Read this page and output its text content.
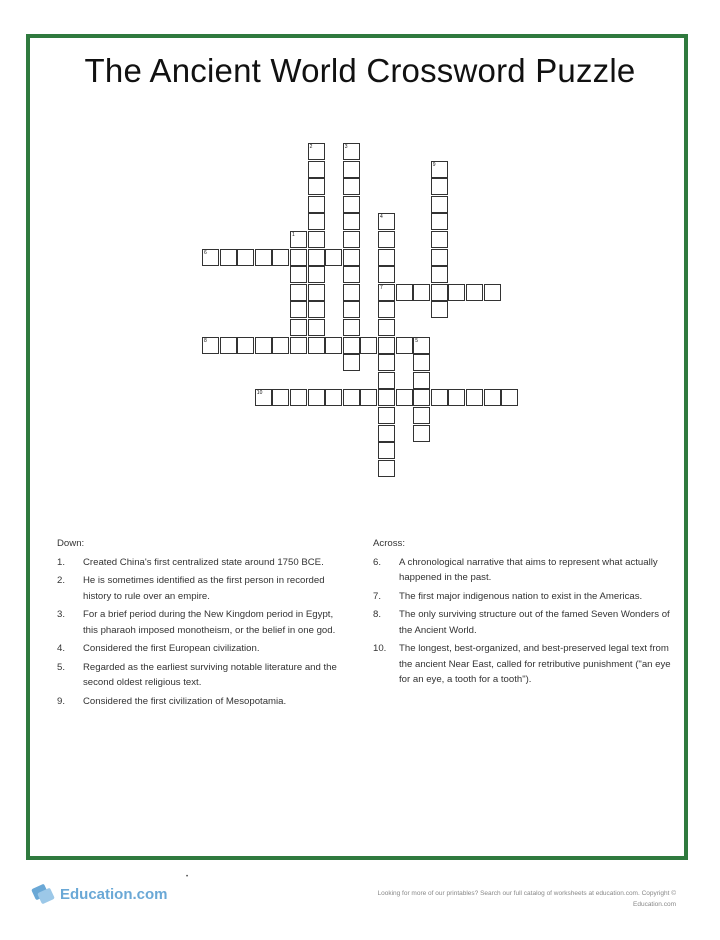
The Ancient World Crossword Puzzle
1
2	3
4
7
5
9
6
8
10
Down:
1.	Created China's first centralized state around 1750 BCE.
2.	He is sometimes identified as the first person in recorded history to rule over an empire.
3.	For a brief period during the New Kingdom period in Egypt, this pharaoh imposed monotheism, or the belief in one god.
4.	Considered the first European civilization.
5.	Regarded as the earliest surviving notable literature and the second oldest religious text.
9.	Considered the first civilization of Mesopotamia.
Across:
6.	A chronological narrative that aims to represent what actually happened in the past.
7.	The first major indigenous nation to exist in the Americas.
8.	The only surviving structure out of the famed Seven Wonders of the Ancient World.
10.	The longest, best-organized, and best-preserved legal text from the ancient Near East, called for retributive punishment ("an eye for an eye, a tooth for a tooth").
•
Education.com	Looking for more of our printables? Search our full catalog of worksheets at education.com. Copyright © Education.com
